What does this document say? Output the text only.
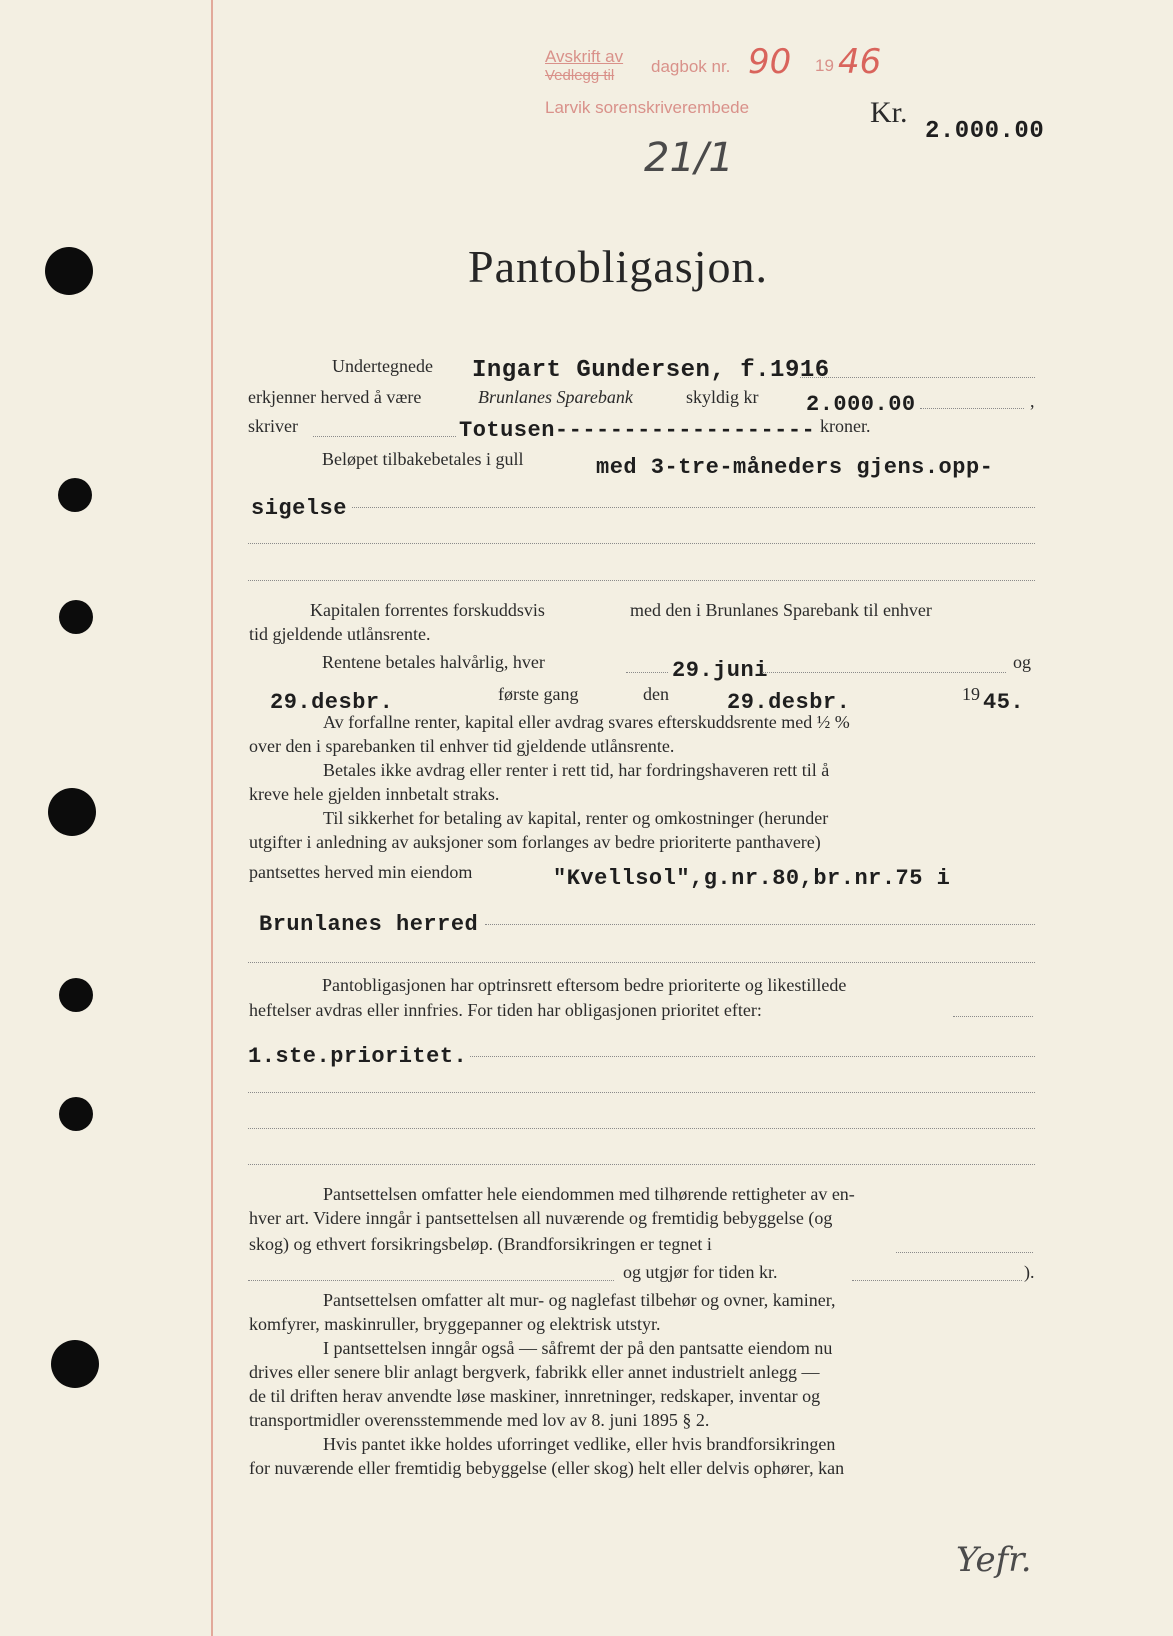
Avskrift av
Vedlegg til dagbok nr. 90 19 46
Larvik sorenskriverembede
21/1
Kr.
2.000.00
Pantobligasjon.
Undertegnede Ingart Gundersen, f.1916
erkjenner herved å være	Brunlanes Sparebank	skyldig kr 2.000.00	,
skriver	Totusen------------------- kroner.
Beløpet tilbakebetales i gull	med 3-tre-måneders gjens.opp-
sigelse
Kapitalen forrentes forskuddsvis	med den i Brunlanes Sparebank til enhver
tid gjeldende utlånsrente.
Rentene betales halvårlig, hver	29.juni	og
29.desbr.	første gang	den	29.desbr.	19 45.
Av forfallne renter, kapital eller avdrag svares efterskuddsrente med ½ %
over den i sparebanken til enhver tid gjeldende utlånsrente.
Betales ikke avdrag eller renter i rett tid, har fordringshaveren rett til å
kreve hele gjelden innbetalt straks.
Til sikkerhet for betaling av kapital, renter og omkostninger (herunder
utgifter i anledning av auksjoner som forlanges av bedre prioriterte panthavere)
pantsettes herved min eiendom	"Kvellsol",g.nr.80,br.nr.75 i
Brunlanes herred
Pantobligasjonen har optrinsrett eftersom bedre prioriterte og likestillede
heftelser avdras eller innfries. For tiden har obligasjonen prioritet efter:
1.ste.prioritet.
Pantsettelsen omfatter hele eiendommen med tilhørende rettigheter av en-
hver art. Videre inngår i pantsettelsen all nuværende og fremtidig bebyggelse (og
skog) og ethvert forsikringsbeløp. (Brandforsikringen er tegnet i
og utgjør for tiden kr.	).
Pantsettelsen omfatter alt mur- og naglefast tilbehør og ovner, kaminer,
komfyrer, maskinruller, bryggepanner og elektrisk utstyr.
I pantsettelsen inngår også — såfremt der på den pantsatte eiendom nu
drives eller senere blir anlagt bergverk, fabrikk eller annet industrielt anlegg —
de til driften herav anvendte løse maskiner, innretninger, redskaper, inventar og
transportmidler overensstemmende med lov av 8. juni 1895 § 2.
Hvis pantet ikke holdes uforringet vedlike, eller hvis brandforsikringen
for nuværende eller fremtidig bebyggelse (eller skog) helt eller delvis ophører, kan
Yefr.
